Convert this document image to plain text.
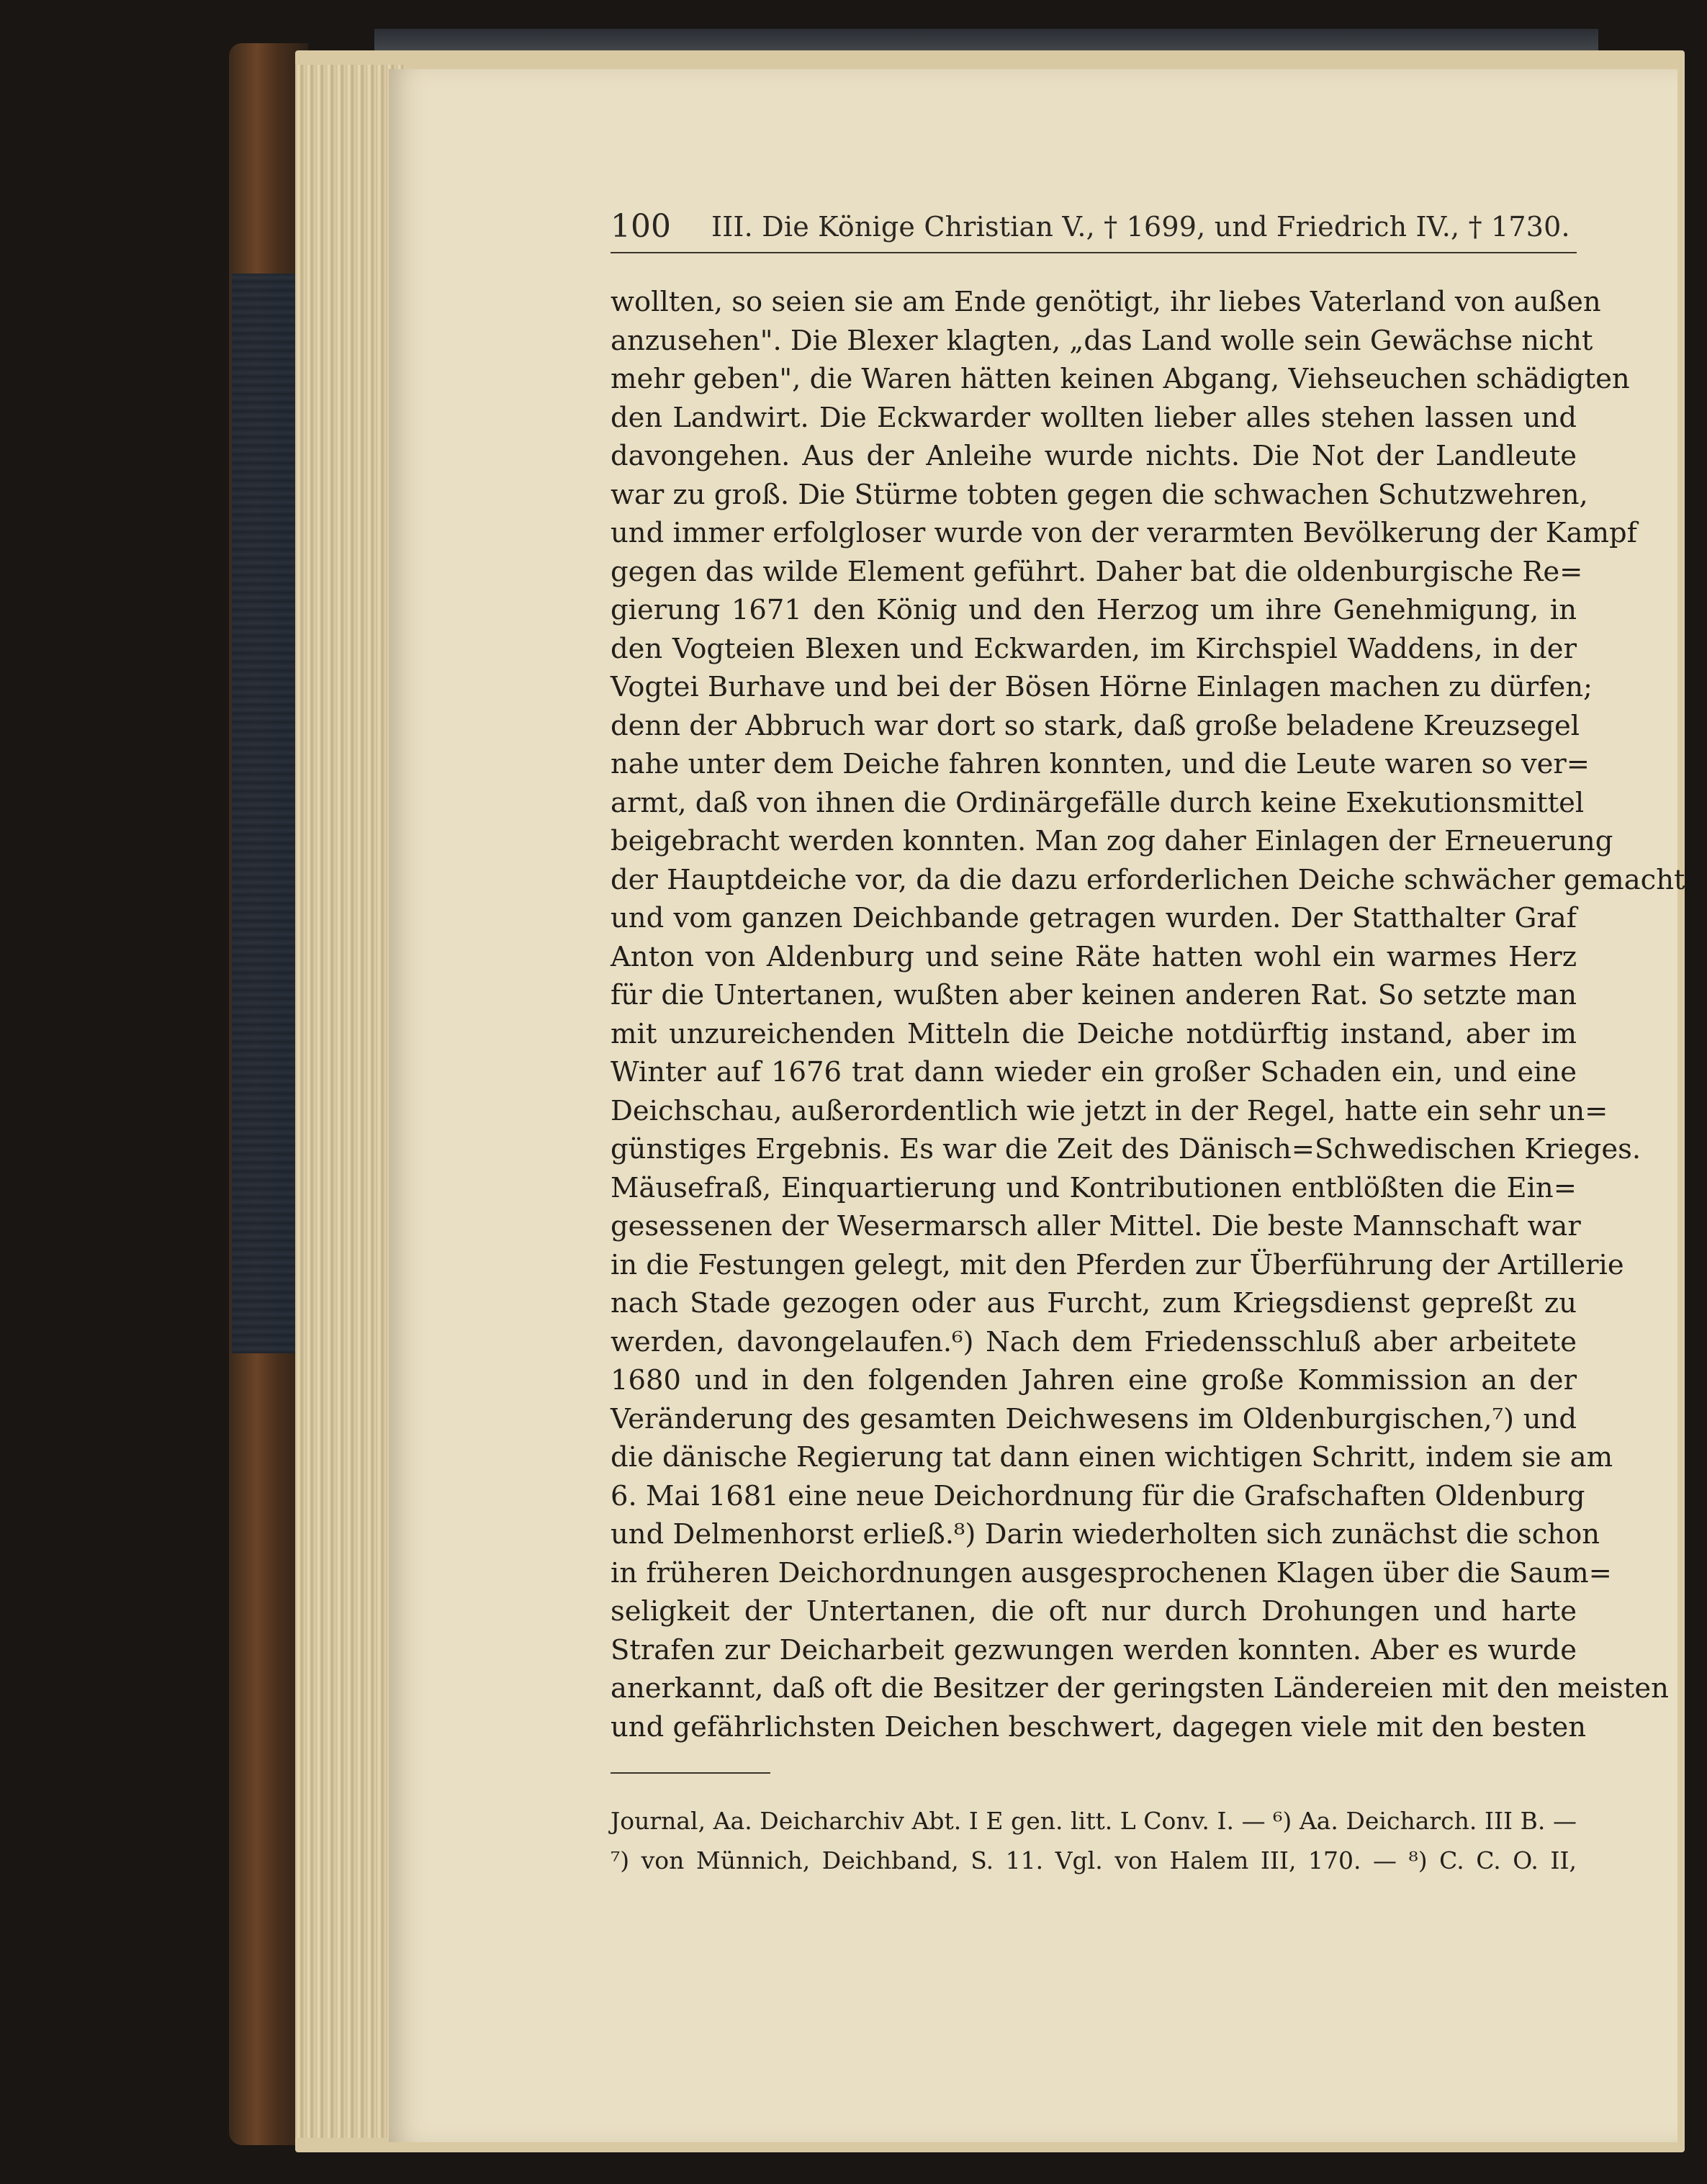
100 III. Die Könige Christian V., † 1699, und Friedrich IV., † 1730.
wollten, so seien sie am Ende genötigt, ihr liebes Vaterland von außen
anzusehen". Die Blexer klagten, „das Land wolle sein Gewächse nicht
mehr geben", die Waren hätten keinen Abgang, Viehseuchen schädigten
den Landwirt. Die Eckwarder wollten lieber alles stehen lassen und
davongehen. Aus der Anleihe wurde nichts. Die Not der Landleute
war zu groß. Die Stürme tobten gegen die schwachen Schutzwehren,
und immer erfolgloser wurde von der verarmten Bevölkerung der Kampf
gegen das wilde Element geführt. Daher bat die oldenburgische Re=
gierung 1671 den König und den Herzog um ihre Genehmigung, in
den Vogteien Blexen und Eckwarden, im Kirchspiel Waddens, in der
Vogtei Burhave und bei der Bösen Hörne Einlagen machen zu dürfen;
denn der Abbruch war dort so stark, daß große beladene Kreuzsegel
nahe unter dem Deiche fahren konnten, und die Leute waren so ver=
armt, daß von ihnen die Ordinärgefälle durch keine Exekutionsmittel
beigebracht werden konnten. Man zog daher Einlagen der Erneuerung
der Hauptdeiche vor, da die dazu erforderlichen Deiche schwächer gemacht
und vom ganzen Deichbande getragen wurden. Der Statthalter Graf
Anton von Aldenburg und seine Räte hatten wohl ein warmes Herz
für die Untertanen, wußten aber keinen anderen Rat. So setzte man
mit unzureichenden Mitteln die Deiche notdürftig instand, aber im
Winter auf 1676 trat dann wieder ein großer Schaden ein, und eine
Deichschau, außerordentlich wie jetzt in der Regel, hatte ein sehr un=
günstiges Ergebnis. Es war die Zeit des Dänisch=Schwedischen Krieges.
Mäusefraß, Einquartierung und Kontributionen entblößten die Ein=
gesessenen der Wesermarsch aller Mittel. Die beste Mannschaft war
in die Festungen gelegt, mit den Pferden zur Überführung der Artillerie
nach Stade gezogen oder aus Furcht, zum Kriegsdienst gepreßt zu
werden, davongelaufen.⁶) Nach dem Friedensschluß aber arbeitete
1680 und in den folgenden Jahren eine große Kommission an der
Veränderung des gesamten Deichwesens im Oldenburgischen,⁷) und
die dänische Regierung tat dann einen wichtigen Schritt, indem sie am
6. Mai 1681 eine neue Deichordnung für die Grafschaften Oldenburg
und Delmenhorst erließ.⁸) Darin wiederholten sich zunächst die schon
in früheren Deichordnungen ausgesprochenen Klagen über die Saum=
seligkeit der Untertanen, die oft nur durch Drohungen und harte
Strafen zur Deicharbeit gezwungen werden konnten. Aber es wurde
anerkannt, daß oft die Besitzer der geringsten Ländereien mit den meisten
und gefährlichsten Deichen beschwert, dagegen viele mit den besten
Journal, Aa. Deicharchiv Abt. I E gen. litt. L Conv. I. — ⁶) Aa. Deicharch. III B. —
⁷) von Münnich, Deichband, S. 11. Vgl. von Halem III, 170. — ⁸) C. C. O. II,
